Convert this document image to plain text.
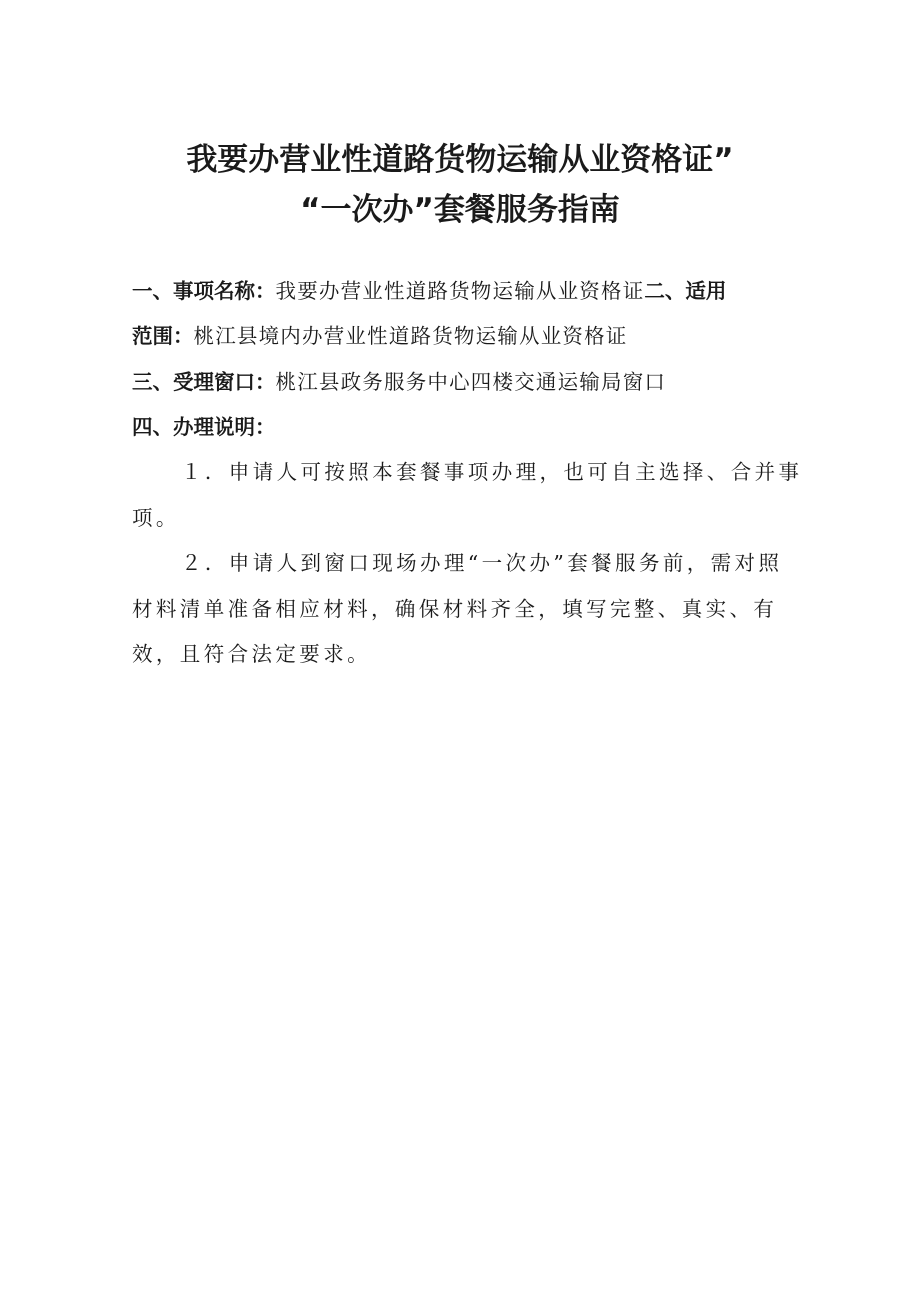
我要办营业性道路货物运输从业资格证”
“一次办”套餐服务指南
一、事项名称：我要办营业性道路货物运输从业资格证二、适用
范围：桃江县境内办营业性道路货物运输从业资格证
三、受理窗口：桃江县政务服务中心四楼交通运输局窗口
四、办理说明：
１．申请人可按照本套餐事项办理，也可自主选择、合并事
项。
２．申请人到窗口现场办理“一次办”套餐服务前，需对照
材料清单准备相应材料，确保材料齐全，填写完整、真实、有
效，且符合法定要求。
